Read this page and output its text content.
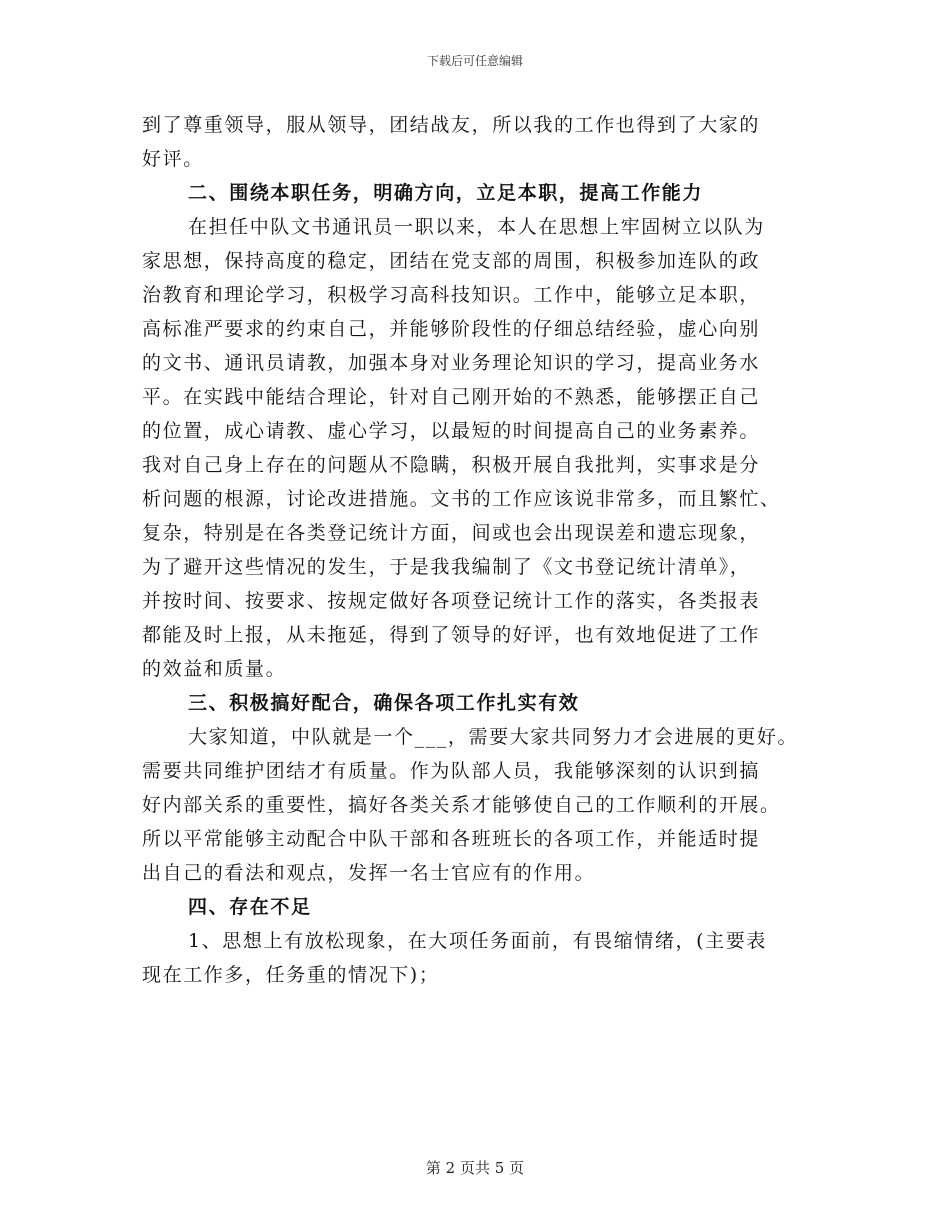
下载后可任意编辑

到了尊重领导，服从领导，团结战友，所以我的工作也得到了大家的

好评。

二、围绕本职任务，明确方向，立足本职，提高工作能力

在担任中队文书通讯员一职以来，本人在思想上牢固树立以队为

家思想，保持高度的稳定，团结在党支部的周围，积极参加连队的政

治教育和理论学习，积极学习高科技知识。工作中，能够立足本职，

高标准严要求的约束自己，并能够阶段性的仔细总结经验，虚心向别

的文书、通讯员请教，加强本身对业务理论知识的学习，提高业务水

平。在实践中能结合理论，针对自己刚开始的不熟悉，能够摆正自己

的位置，成心请教、虚心学习，以最短的时间提高自己的业务素养。

我对自己身上存在的问题从不隐瞒，积极开展自我批判，实事求是分

析问题的根源，讨论改进措施。文书的工作应该说非常多，而且繁忙、

复杂，特别是在各类登记统计方面，间或也会出现误差和遗忘现象，

为了避开这些情况的发生，于是我我编制了《文书登记统计清单》，

并按时间、按要求、按规定做好各项登记统计工作的落实，各类报表

都能及时上报，从未拖延，得到了领导的好评，也有效地促进了工作

的效益和质量。

三、积极搞好配合，确保各项工作扎实有效

大家知道，中队就是一个___，需要大家共同努力才会进展的更好。

需要共同维护团结才有质量。作为队部人员，我能够深刻的认识到搞

好内部关系的重要性，搞好各类关系才能够使自己的工作顺利的开展。

所以平常能够主动配合中队干部和各班班长的各项工作，并能适时提

出自己的看法和观点，发挥一名士官应有的作用。

四、存在不足

1、思想上有放松现象，在大项任务面前，有畏缩情绪，(主要表

现在工作多，任务重的情况下)；

第 2 页共 5 页
